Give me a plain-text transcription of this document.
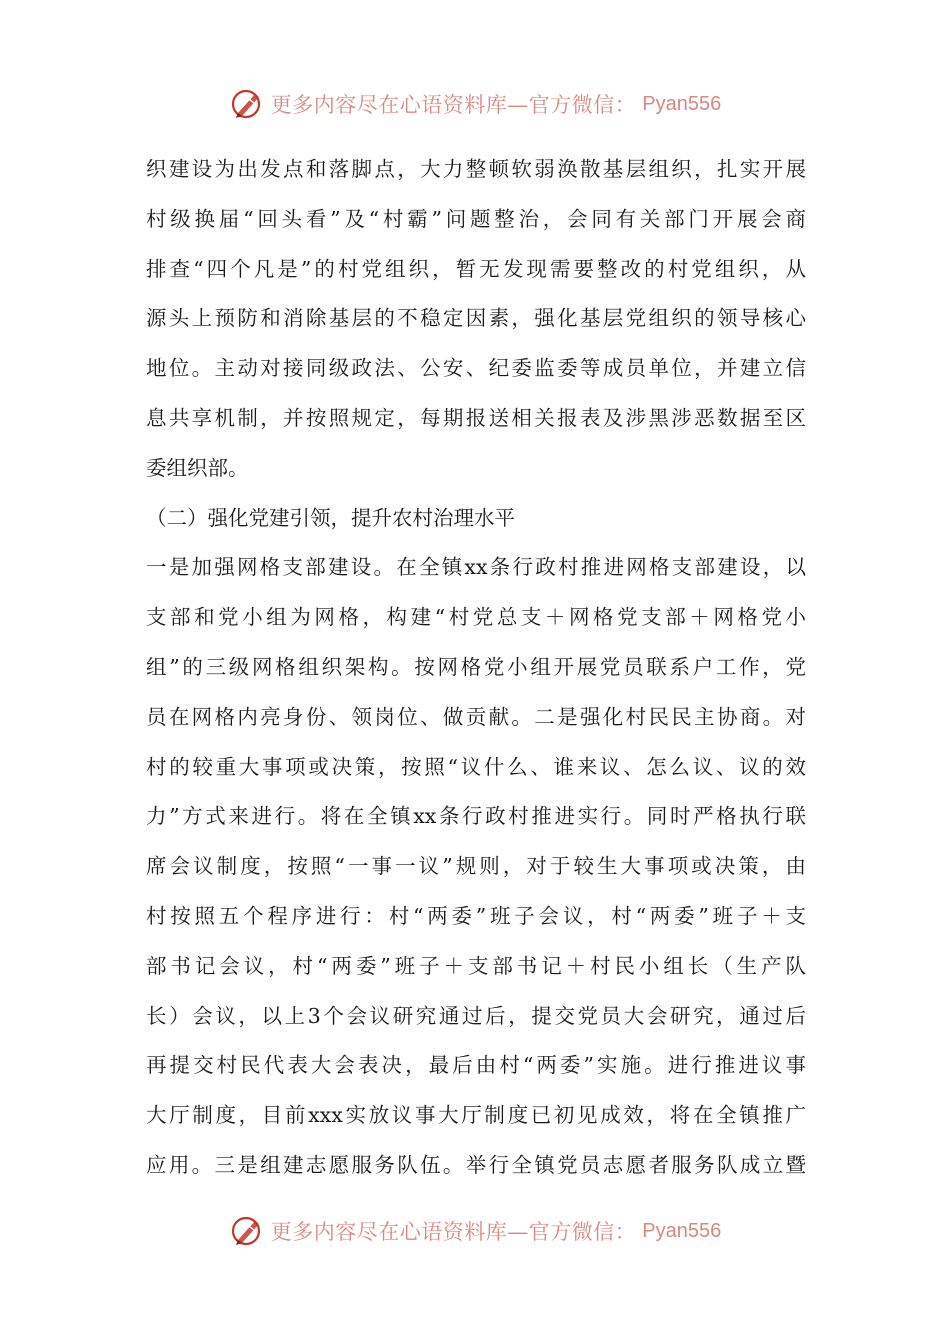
更多内容尽在心语资料库—官方微信： Pyan556
织建设为出发点和落脚点，大力整顿软弱涣散基层组织，扎实开展
村级换届“回头看”及“村霸”问题整治，会同有关部门开展会商
排查“四个凡是”的村党组织，暂无发现需要整改的村党组织，从
源头上预防和消除基层的不稳定因素，强化基层党组织的领导核心
地位。主动对接同级政法、公安、纪委监委等成员单位，并建立信
息共享机制，并按照规定，每期报送相关报表及涉黑涉恶数据至区
委组织部。
（二）强化党建引领，提升农村治理水平
一是加强网格支部建设。在全镇xx条行政村推进网格支部建设，以
支部和党小组为网格，构建“村党总支＋网格党支部＋网格党小
组”的三级网格组织架构。按网格党小组开展党员联系户工作，党
员在网格内亮身份、领岗位、做贡献。二是强化村民民主协商。对
村的较重大事项或决策，按照“议什么、谁来议、怎么议、议的效
力”方式来进行。将在全镇xx条行政村推进实行。同时严格执行联
席会议制度，按照“一事一议”规则，对于较生大事项或决策，由
村按照五个程序进行：村“两委”班子会议，村“两委”班子＋支
部书记会议，村“两委”班子＋支部书记＋村民小组长（生产队
长）会议，以上3个会议研究通过后，提交党员大会研究，通过后
再提交村民代表大会表决，最后由村“两委”实施。进行推进议事
大厅制度，目前xxx实放议事大厅制度已初见成效，将在全镇推广
应用。三是组建志愿服务队伍。举行全镇党员志愿者服务队成立暨
更多内容尽在心语资料库—官方微信： Pyan556
